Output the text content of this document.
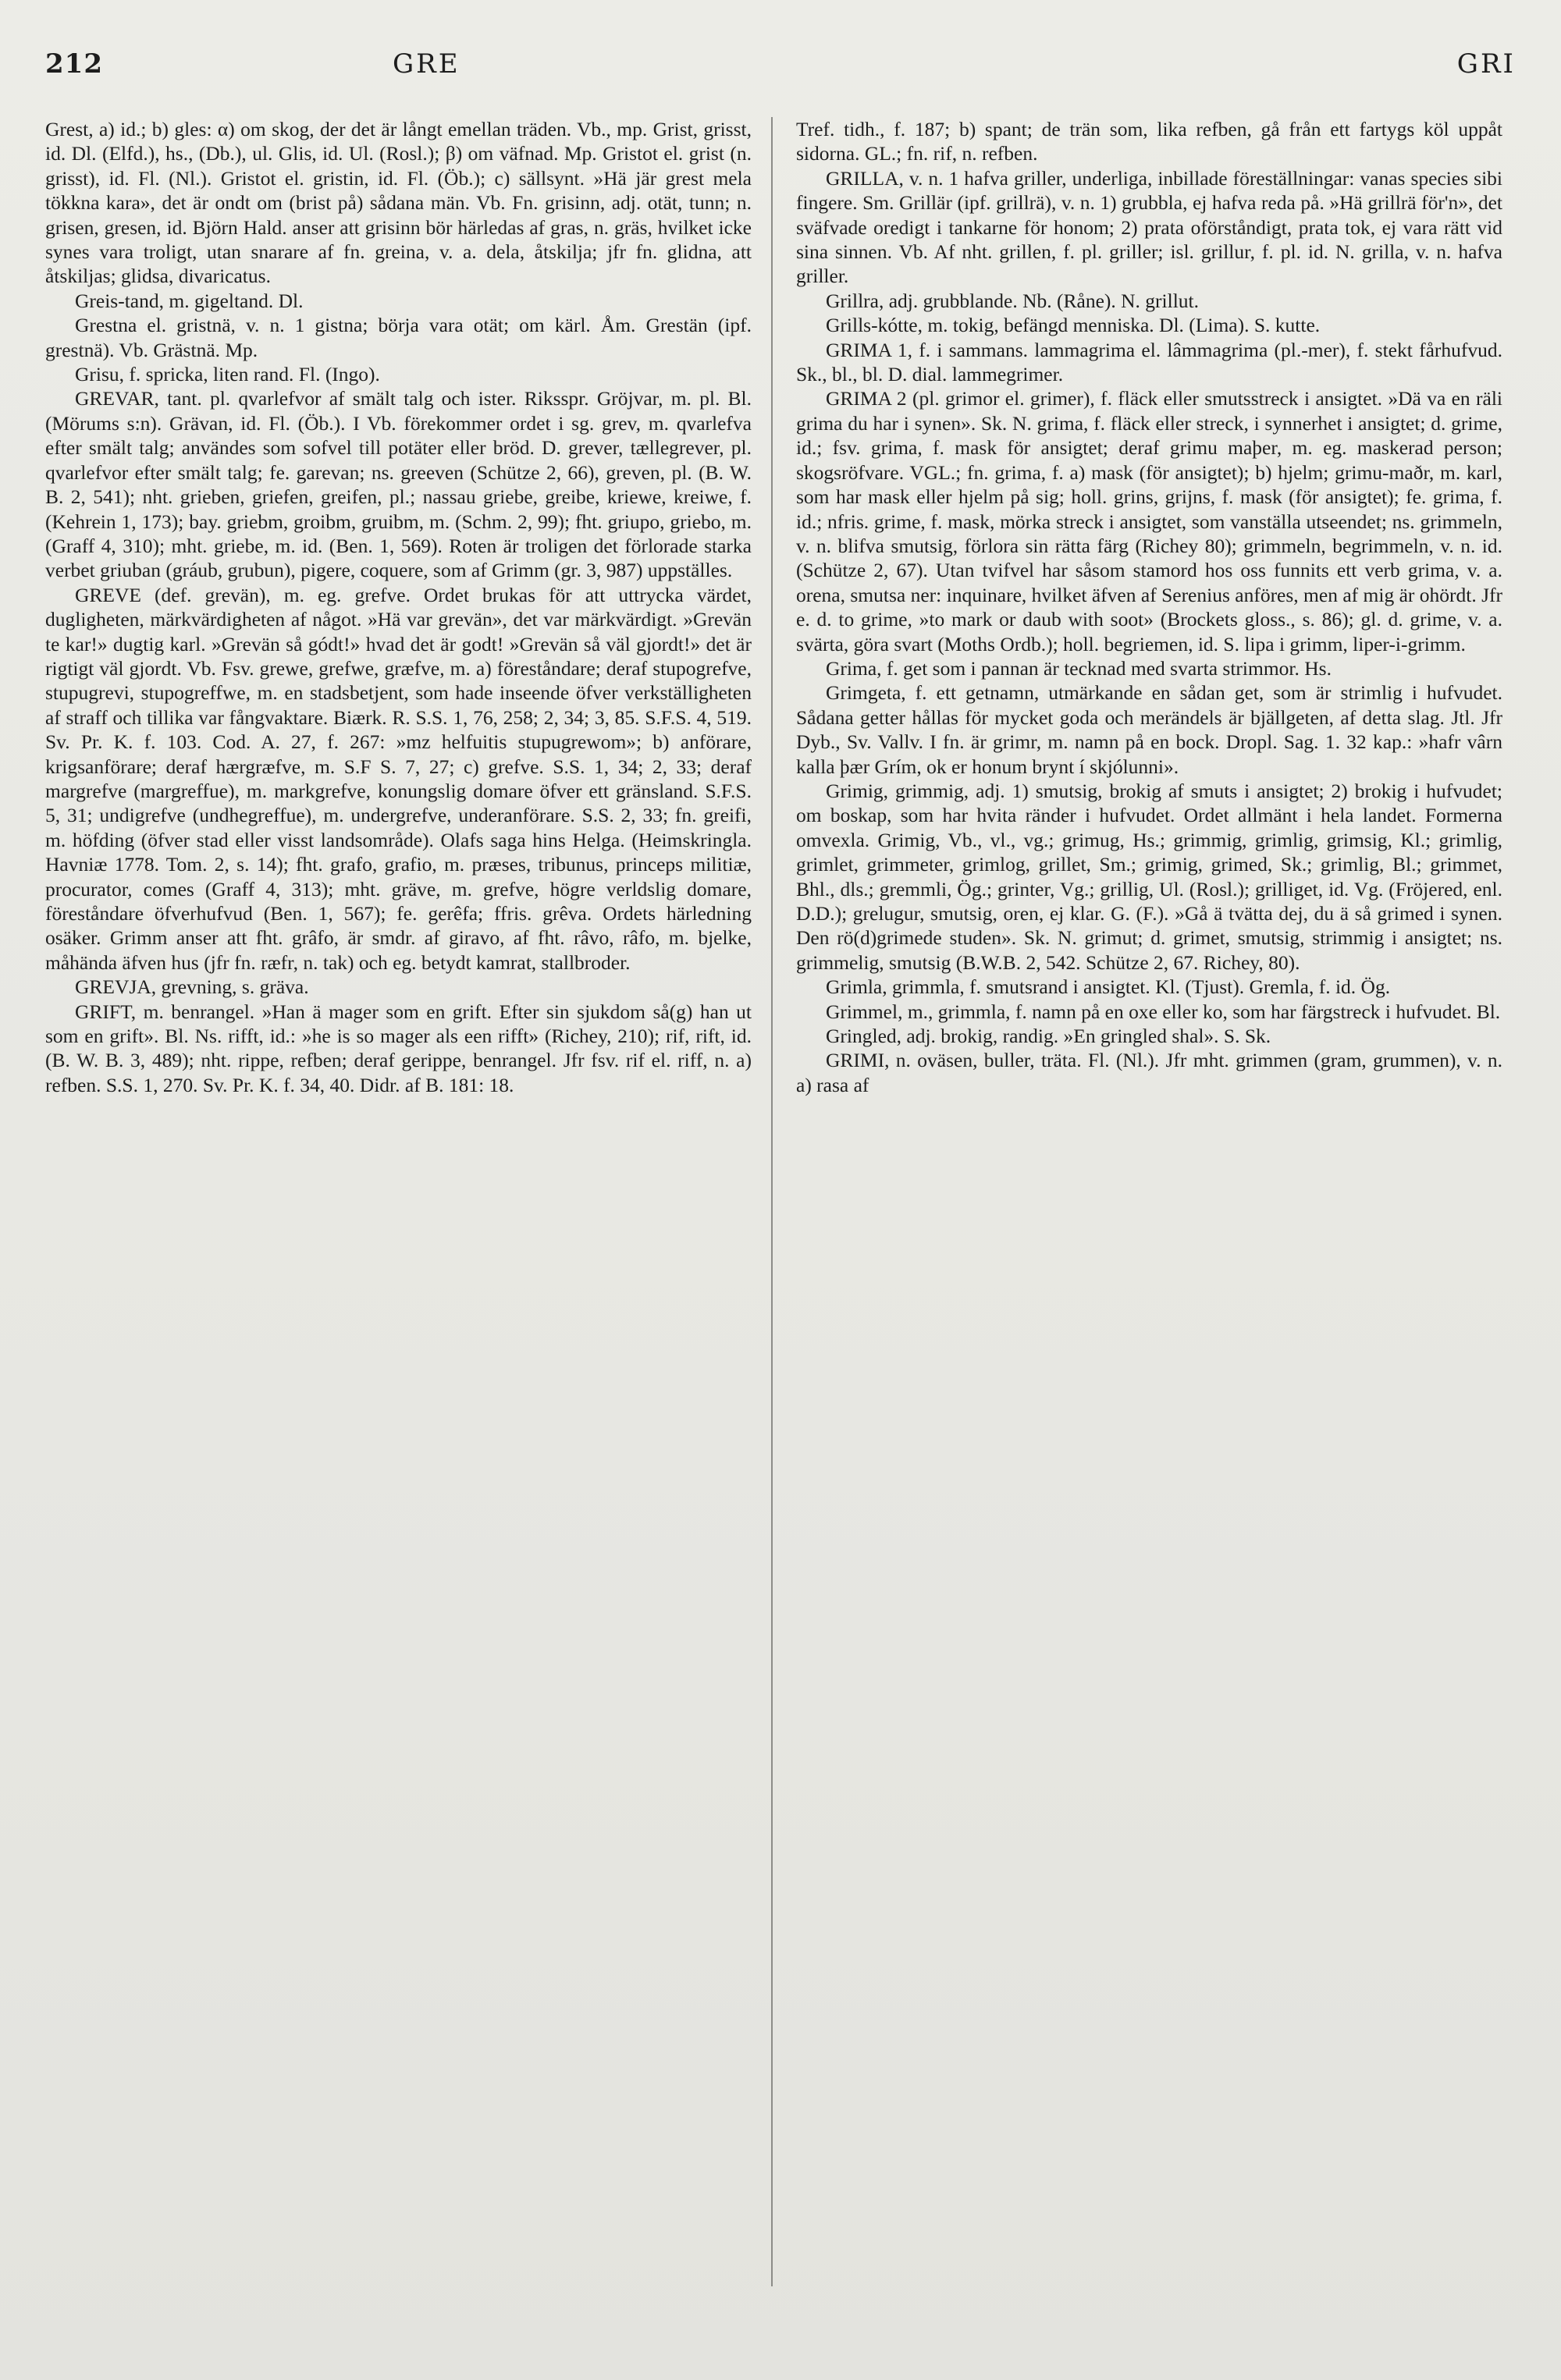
212	GRE	GRI

Grest, a) id.; b) gles: α) om skog, der det är långt emellan träden. Vb., mp. Grist, grisst, id. Dl. (Elfd.), hs., (Db.), ul. Glis, id. Ul. (Rosl.); β) om väfnad. Mp. Gristot el. grist (n. grisst), id. Fl. (Nl.). Gristot el. gristin, id. Fl. (Öb.); c) sällsynt. »Hä jär grest mela tökkna kara», det är ondt om (brist på) sådana män. Vb. Fn. grisinn, adj. otät, tunn; n. grisen, gresen, id. Björn Hald. anser att grisinn bör härledas af gras, n. gräs, hvilket icke synes vara troligt, utan snarare af fn. greina, v. a. dela, åtskilja; jfr fn. glidna, att åtskiljas; glidsa, divaricatus.

Greis-tand, m. gigeltand. Dl.

Grestna el. gristnä, v. n. 1 gistna; börja vara otät; om kärl. Åm. Grestän (ipf. grestnä). Vb. Grästnä. Mp.

Grisu, f. spricka, liten rand. Fl. (Ingo).

GREVAR, tant. pl. qvarlefvor af smält talg och ister. Riksspr. Gröjvar, m. pl. Bl. (Mörums s:n). Grävan, id. Fl. (Öb.). I Vb. förekommer ordet i sg. grev, m. qvarlefva efter smält talg; användes som sofvel till potäter eller bröd. D. grever, tællegrever, pl. qvarlefvor efter smält talg; fe. garevan; ns. greeven (Schütze 2, 66), greven, pl. (B. W. B. 2, 541); nht. grieben, griefen, greifen, pl.; nassau griebe, greibe, kriewe, kreiwe, f. (Kehrein 1, 173); bay. griebm, groibm, gruibm, m. (Schm. 2, 99); fht. griupo, griebo, m. (Graff 4, 310); mht. griebe, m. id. (Ben. 1, 569). Roten är troligen det förlorade starka verbet griuban (gráub, grubun), pigere, coquere, som af Grimm (gr. 3, 987) uppställes.

GREVE (def. grevän), m. eg. grefve. Ordet brukas för att uttrycka värdet, dugligheten, märkvärdigheten af något. »Hä var grevän», det var märkvärdigt. »Grevän te kar!» dugtig karl. »Grevän så gódt!» hvad det är godt! »Grevän så väl gjordt!» det är rigtigt väl gjordt. Vb. Fsv. grewe, grefwe, græfve, m. a) föreståndare; deraf stupogrefve, stupugrevi, stupogreffwe, m. en stadsbetjent, som hade inseende öfver verkställigheten af straff och tillika var fångvaktare. Biærk. R. S.S. 1, 76, 258; 2, 34; 3, 85. S.F.S. 4, 519. Sv. Pr. K. f. 103. Cod. A. 27, f. 267: »mz helfuitis stupugrewom»; b) anförare, krigsanförare; deraf hærgræfve, m. S.F S. 7, 27; c) grefve. S.S. 1, 34; 2, 33; deraf margrefve (margreffue), m. markgrefve, konungslig domare öfver ett gränsland. S.F.S. 5, 31; undigrefve (undhegreffue), m. undergrefve, underanförare. S.S. 2, 33; fn. greifi, m. höfding (öfver stad eller visst landsområde). Olafs saga hins Helga. (Heimskringla. Havniæ 1778. Tom. 2, s. 14); fht. grafo, grafio, m. præses, tribunus, princeps militiæ, procurator, comes (Graff 4, 313); mht. gräve, m. grefve, högre verldslig domare, föreståndare öfverhufvud (Ben. 1, 567); fe. gerêfa; ffris. grêva. Ordets härledning osäker. Grimm anser att fht. grâfo, är smdr. af giravo, af fht. râvo, râfo, m. bjelke, måhända äfven hus (jfr fn. ræfr, n. tak) och eg. betydt kamrat, stallbroder.

GREVJA, grevning, s. gräva.

GRIFT, m. benrangel. »Han ä mager som en grift. Efter sin sjukdom så(g) han ut som en grift». Bl. Ns. rifft, id.: »he is so mager als een rifft» (Richey, 210); rif, rift, id. (B. W. B. 3, 489); nht. rippe, refben; deraf gerippe, benrangel. Jfr fsv. rif el. riff, n. a) refben. S.S. 1, 270. Sv. Pr. K. f. 34, 40. Didr. af B. 181: 18.

Tref. tidh., f. 187; b) spant; de trän som, lika refben, gå från ett fartygs köl uppåt sidorna. GL.; fn. rif, n. refben.

GRILLA, v. n. 1 hafva griller, underliga, inbillade föreställningar: vanas species sibi fingere. Sm. Grillär (ipf. grillrä), v. n. 1) grubbla, ej hafva reda på. »Hä grillrä för'n», det sväfvade oredigt i tankarne för honom; 2) prata oförståndigt, prata tok, ej vara rätt vid sina sinnen. Vb. Af nht. grillen, f. pl. griller; isl. grillur, f. pl. id. N. grilla, v. n. hafva griller.

Grillra, adj. grubblande. Nb. (Råne). N. grillut.

Grills-kótte, m. tokig, befängd menniska. Dl. (Lima). S. kutte.

GRIMA 1, f. i sammans. lammagrima el. lâmmagrima (pl.-mer), f. stekt fårhufvud. Sk., bl., bl. D. dial. lammegrimer.

GRIMA 2 (pl. grimor el. grimer), f. fläck eller smutsstreck i ansigtet. »Dä va en räli grima du har i synen». Sk. N. grima, f. fläck eller streck, i synnerhet i ansigtet; d. grime, id.; fsv. grima, f. mask för ansigtet; deraf grimu maþer, m. eg. maskerad person; skogsröfvare. VGL.; fn. grima, f. a) mask (för ansigtet); b) hjelm; grimu-maðr, m. karl, som har mask eller hjelm på sig; holl. grins, grijns, f. mask (för ansigtet); fe. grima, f. id.; nfris. grime, f. mask, mörka streck i ansigtet, som vanställa utseendet; ns. grimmeln, v. n. blifva smutsig, förlora sin rätta färg (Richey 80); grimmeln, begrimmeln, v. n. id. (Schütze 2, 67). Utan tvifvel har såsom stamord hos oss funnits ett verb grima, v. a. orena, smutsa ner: inquinare, hvilket äfven af Serenius anföres, men af mig är ohördt. Jfr e. d. to grime, »to mark or daub with soot» (Brockets gloss., s. 86); gl. d. grime, v. a. svärta, göra svart (Moths Ordb.); holl. begriemen, id. S. lipa i grimm, liper-i-grimm.

Grima, f. get som i pannan är tecknad med svarta strimmor. Hs.

Grimgeta, f. ett getnamn, utmärkande en sådan get, som är strimlig i hufvudet. Sådana getter hållas för mycket goda och merändels är bjällgeten, af detta slag. Jtl. Jfr Dyb., Sv. Vallv. I fn. är grimr, m. namn på en bock. Dropl. Sag. 1. 32 kap.: »hafr vârn kalla þær Grím, ok er honum brynt í skjólunni».

Grimig, grimmig, adj. 1) smutsig, brokig af smuts i ansigtet; 2) brokig i hufvudet; om boskap, som har hvita ränder i hufvudet. Ordet allmänt i hela landet. Formerna omvexla. Grimig, Vb., vl., vg.; grimug, Hs.; grimmig, grimlig, grimsig, Kl.; grimlig, grimlet, grimmeter, grimlog, grillet, Sm.; grimig, grimed, Sk.; grimlig, Bl.; grimmet, Bhl., dls.; gremmli, Ög.; grinter, Vg.; grillig, Ul. (Rosl.); grilliget, id. Vg. (Fröjered, enl. D.D.); grelugur, smutsig, oren, ej klar. G. (F.). »Gå ä tvätta dej, du ä så grimed i synen. Den rö(d)grimede studen». Sk. N. grimut; d. grimet, smutsig, strimmig i ansigtet; ns. grimmelig, smutsig (B.W.B. 2, 542. Schütze 2, 67. Richey, 80).

Grimla, grimmla, f. smutsrand i ansigtet. Kl. (Tjust). Gremla, f. id. Ög.

Grimmel, m., grimmla, f. namn på en oxe eller ko, som har färgstreck i hufvudet. Bl.

Gringled, adj. brokig, randig. »En gringled shal». S. Sk.

GRIMI, n. oväsen, buller, träta. Fl. (Nl.). Jfr mht. grimmen (gram, grummen), v. n. a) rasa af
